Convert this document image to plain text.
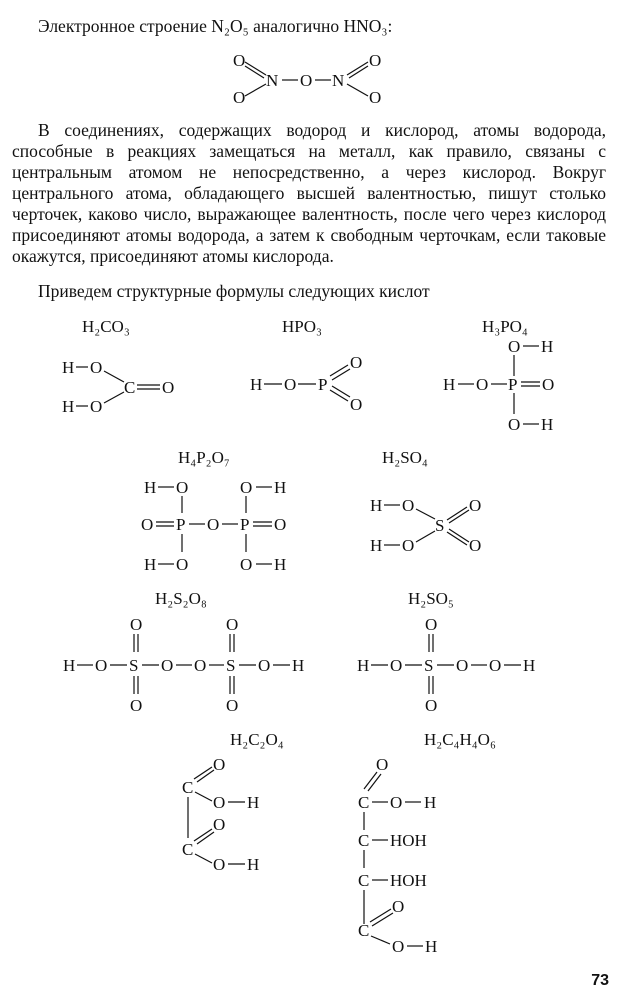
Электронное строение N₂O₅ аналогично HNO₃:
В соединениях, содержащих водород и кислород, атомы водорода, способные в реакциях замещаться на металл, как правило, связаны с центральным атомом не непосредственно, а через кислород. Вокруг центрального атома, обладающего высшей валентностью, пишут столько черточек, каково число, выражающее валентность, после чего через кислород присоединяют атомы водорода, а затем к свободным черточкам, если таковые окажутся, присоединяют атомы кислорода.
Приведем структурные формулы следующих кислот
O
O
N O N
O
O
H₂CO₃
H O
H O
C O
HPO₃
H O P
O
O
H₃PO₄
O H
H O P O
O H
H₄P₂O₇
H O	O H
O P O P O
H O	O H
H₂SO₄
H O
H O
S
O
O
H₂S₂O₈
O	O
H O S O O S O H
O	O
H₂SO₅
O
H O S O O H
O
H₂C₂O₄
O
C
O H
O
C
O H
H₂C₄H₄O₆
O
C O H
C HOH
C HOH
O
C
O H
73
